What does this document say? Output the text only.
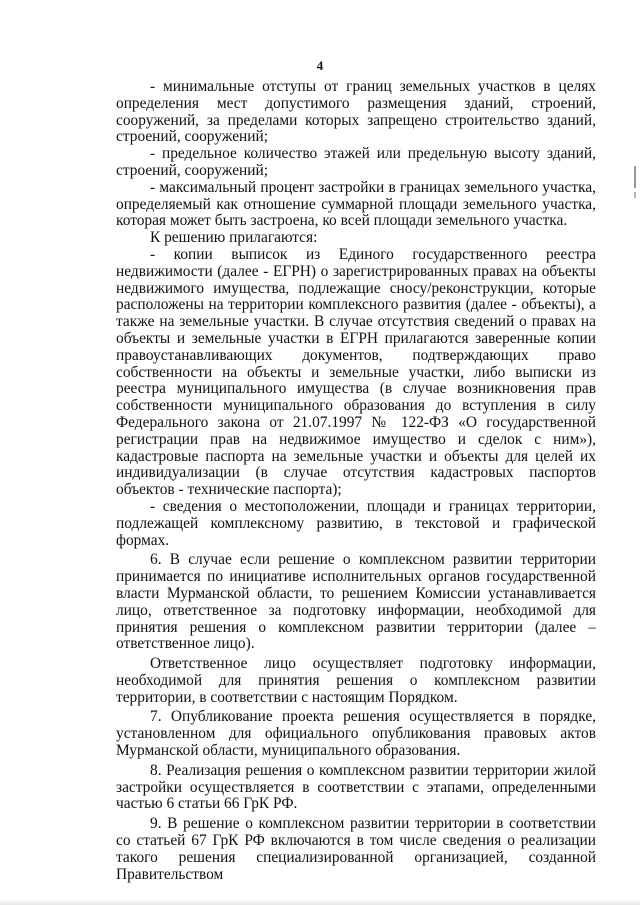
4

- минимальные отступы от границ земельных участков в целях определения мест допустимого размещения зданий, строений, сооружений, за пределами которых запрещено строительство зданий, строений, сооружений;

- предельное количество этажей или предельную высоту зданий, строений, сооружений;

- максимальный процент застройки в границах земельного участка, определяемый как отношение суммарной площади земельного участка, которая может быть застроена, ко всей площади земельного участка.

К решению прилагаются:

- копии выписок из Единого государственного реестра недвижимости (далее - ЕГРН) о зарегистрированных правах на объекты недвижимого имущества, подлежащие сносу/реконструкции, которые расположены на территории комплексного развития (далее - объекты), а также на земельные участки. В случае отсутствия сведений о правах на объекты и земельные участки в ЕГРН прилагаются заверенные копии правоустанавливающих документов, подтверждающих право собственности на объекты и земельные участки, либо выписки из реестра муниципального имущества (в случае возникновения прав собственности муниципального образования до вступления в силу Федерального закона от 21.07.1997 № 122-ФЗ «О государственной регистрации прав на недвижимое имущество и сделок с ним»), кадастровые паспорта на земельные участки и объекты для целей их индивидуализации (в случае отсутствия кадастровых паспортов объектов - технические паспорта);

- сведения о местоположении, площади и границах территории, подлежащей комплексному развитию, в текстовой и графической формах.

6. В случае если решение о комплексном развитии территории принимается по инициативе исполнительных органов государственной власти Мурманской области, то решением Комиссии устанавливается лицо, ответственное за подготовку информации, необходимой для принятия решения о комплексном развитии территории (далее – ответственное лицо).

Ответственное лицо осуществляет подготовку информации, необходимой для принятия решения о комплексном развитии территории, в соответствии с настоящим Порядком.

7. Опубликование проекта решения осуществляется в порядке, установленном для официального опубликования правовых актов Мурманской области, муниципального образования.

8. Реализация решения о комплексном развитии территории жилой застройки осуществляется в соответствии с этапами, определенными частью 6 статьи 66 ГрК РФ.

9. В решение о комплексном развитии территории в соответствии со статьей 67 ГрК РФ включаются в том числе сведения о реализации такого решения специализированной организацией, созданной Правительством
